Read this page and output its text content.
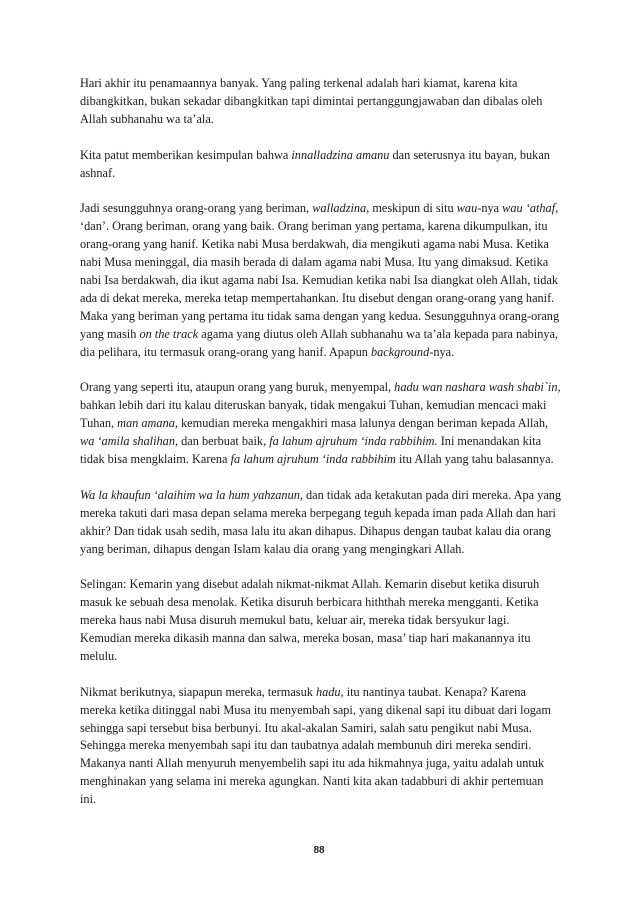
Hari akhir itu penamaannya banyak. Yang paling terkenal adalah hari kiamat, karena kita dibangkitkan, bukan sekadar dibangkitkan tapi dimintai pertanggungjawaban dan dibalas oleh Allah subhanahu wa ta’ala.

Kita patut memberikan kesimpulan bahwa innalladzina amanu dan seterusnya itu bayan, bukan ashnaf.

Jadi sesungguhnya orang-orang yang beriman, walladzina, meskipun di situ wau-nya wau ‘athaf, ‘dan’. Orang beriman, orang yang baik. Orang beriman yang pertama, karena dikumpulkan, itu orang-orang yang hanif. Ketika nabi Musa berdakwah, dia mengikuti agama nabi Musa. Ketika nabi Musa meninggal, dia masih berada di dalam agama nabi Musa. Itu yang dimaksud. Ketika nabi Isa berdakwah, dia ikut agama nabi Isa. Kemudian ketika nabi Isa diangkat oleh Allah, tidak ada di dekat mereka, mereka tetap mempertahankan. Itu disebut dengan orang-orang yang hanif. Maka yang beriman yang pertama itu tidak sama dengan yang kedua. Sesungguhnya orang-orang yang masih on the track agama yang diutus oleh Allah subhanahu wa ta’ala kepada para nabinya, dia pelihara, itu termasuk orang-orang yang hanif. Apapun background-nya.

Orang yang seperti itu, ataupun orang yang buruk, menyempal, hadu wan nashara wash shabi`in, bahkan lebih dari itu kalau diteruskan banyak, tidak mengakui Tuhan, kemudian mencaci maki Tuhan, man amana, kemudian mereka mengakhiri masa lalunya dengan beriman kepada Allah, wa ‘amila shalihan, dan berbuat baik, fa lahum ajruhum ‘inda rabbihim. Ini menandakan kita tidak bisa mengklaim. Karena fa lahum ajruhum ‘inda rabbihim itu Allah yang tahu balasannya.

Wa la khaufun ‘alaihim wa la hum yahzanun, dan tidak ada ketakutan pada diri mereka. Apa yang mereka takuti dari masa depan selama mereka berpegang teguh kepada iman pada Allah dan hari akhir? Dan tidak usah sedih, masa lalu itu akan dihapus. Dihapus dengan taubat kalau dia orang yang beriman, dihapus dengan Islam kalau dia orang yang mengingkari Allah.

Selingan: Kemarin yang disebut adalah nikmat-nikmat Allah. Kemarin disebut ketika disuruh masuk ke sebuah desa menolak. Ketika disuruh berbicara hiththah mereka mengganti. Ketika mereka haus nabi Musa disuruh memukul batu, keluar air, mereka tidak bersyukur lagi. Kemudian mereka dikasih manna dan salwa, mereka bosan, masa’ tiap hari makanannya itu melulu.

Nikmat berikutnya, siapapun mereka, termasuk hadu, itu nantinya taubat. Kenapa? Karena mereka ketika ditinggal nabi Musa itu menyembah sapi, yang dikenal sapi itu dibuat dari logam sehingga sapi tersebut bisa berbunyi. Itu akal-akalan Samiri, salah satu pengikut nabi Musa. Sehingga mereka menyembah sapi itu dan taubatnya adalah membunuh diri mereka sendiri. Makanya nanti Allah menyuruh menyembelih sapi itu ada hikmahnya juga, yaitu adalah untuk menghinakan yang selama ini mereka agungkan. Nanti kita akan tadabburi di akhir pertemuan ini.

88
